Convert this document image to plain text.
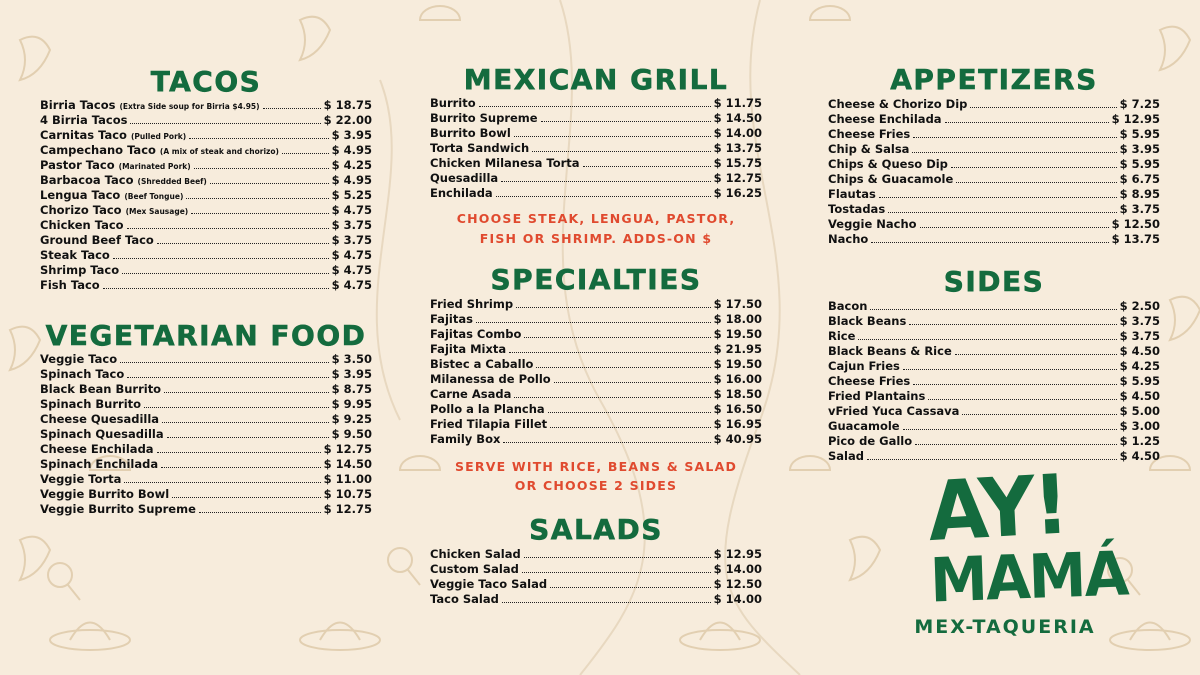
TACOS
Birria Tacos (Extra Side soup for Birria $4.95)	$ 18.75
4 Birria Tacos	$ 22.00
Carnitas Taco (Pulled Pork)	$ 3.95
Campechano Taco (A mix of steak and chorizo)	$ 4.95
Pastor Taco (Marinated Pork)	$ 4.25
Barbacoa Taco (Shredded Beef)	$ 4.95
Lengua Taco (Beef Tongue)	$ 5.25
Chorizo Taco (Mex Sausage)	$ 4.75
Chicken Taco	$ 3.75
Ground Beef Taco	$ 3.75
Steak Taco	$ 4.75
Shrimp Taco	$ 4.75
Fish Taco	$ 4.75
VEGETARIAN FOOD
Veggie Taco	$ 3.50
Spinach Taco	$ 3.95
Black Bean Burrito	$ 8.75
Spinach Burrito	$ 9.95
Cheese Quesadilla	$ 9.25
Spinach Quesadilla	$ 9.50
Cheese Enchilada	$ 12.75
Spinach Enchilada	$ 14.50
Veggie Torta	$ 11.00
Veggie Burrito Bowl	$ 10.75
Veggie Burrito Supreme	$ 12.75
MEXICAN GRILL
Burrito	$ 11.75
Burrito Supreme	$ 14.50
Burrito Bowl	$ 14.00
Torta Sandwich	$ 13.75
Chicken Milanesa Torta	$ 15.75
Quesadilla	$ 12.75
Enchilada	$ 16.25
CHOOSE STEAK, LENGUA, PASTOR,
FISH OR SHRIMP. ADDS-ON $
SPECIALTIES
Fried Shrimp	$ 17.50
Fajitas	$ 18.00
Fajitas Combo	$ 19.50
Fajita Mixta	$ 21.95
Bistec a Caballo	$ 19.50
Milanessa de Pollo	$ 16.00
Carne Asada	$ 18.50
Pollo a la Plancha	$ 16.50
Fried Tilapia Fillet	$ 16.95
Family Box	$ 40.95
SERVE WITH RICE, BEANS & SALAD
OR CHOOSE 2 SIDES
SALADS
Chicken Salad	$ 12.95
Custom Salad	$ 14.00
Veggie Taco Salad	$ 12.50
Taco Salad	$ 14.00
APPETIZERS
Cheese & Chorizo Dip	$ 7.25
Cheese Enchilada	$ 12.95
Cheese Fries	$ 5.95
Chip & Salsa	$ 3.95
Chips & Queso Dip	$ 5.95
Chips & Guacamole	$ 6.75
Flautas	$ 8.95
Tostadas	$ 3.75
Veggie Nacho	$ 12.50
Nacho	$ 13.75
SIDES
Bacon	$ 2.50
Black Beans	$ 3.75
Rice	$ 3.75
Black Beans & Rice	$ 4.50
Cajun Fries	$ 4.25
Cheese Fries	$ 5.95
Fried Plantains	$ 4.50
vFried Yuca Cassava	$ 5.00
Guacamole	$ 3.00
Pico de Gallo	$ 1.25
Salad	$ 4.50
AY!
MAMÁ
MEX-TAQUERIA
